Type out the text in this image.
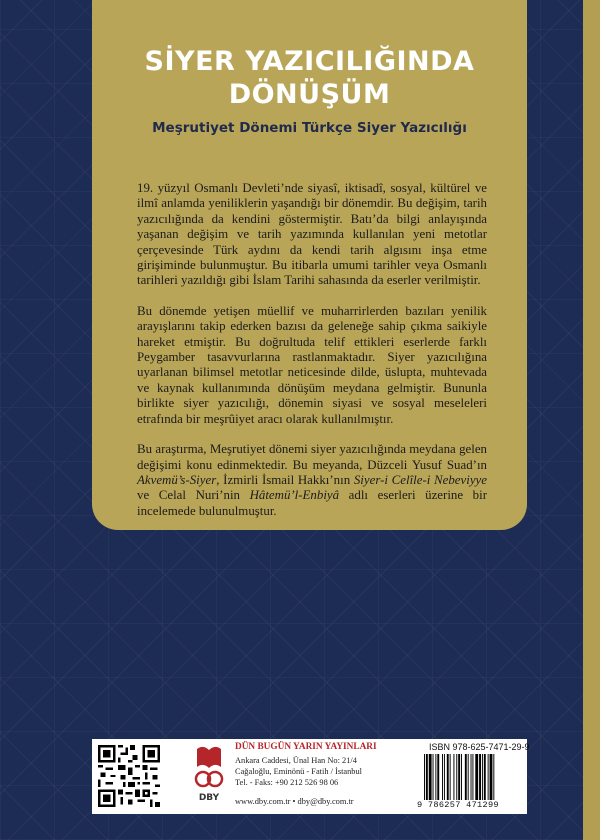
SİYER YAZICILIĞINDA
DÖNÜŞÜM
Meşrutiyet Dönemi Türkçe Siyer Yazıcılığı

19. yüzyıl Osmanlı Devleti’nde siyasî, iktisadî, sosyal, kültürel ve ilmî anlamda yeniliklerin yaşandığı bir dönemdir. Bu değişim, tarih yazıcılığında da kendini göstermiştir. Batı’da bilgi anlayışında yaşanan değişim ve tarih yazımında kullanılan yeni metotlar çerçevesinde Türk aydını da kendi tarih algısını inşa etme girişiminde bulunmuştur. Bu itibarla umumi tarihler veya Osmanlı tarihleri yazıldığı gibi İslam Tarihi sahasında da eserler verilmiştir.

Bu dönemde yetişen müellif ve muharrirlerden bazıları yenilik arayışlarını takip ederken bazısı da geleneğe sahip çıkma saikiyle hareket etmiştir. Bu doğrultuda telif ettikleri eserlerde farklı Peygamber tasavvurlarına rastlanmaktadır. Siyer yazıcılığına uyarlanan bilimsel metotlar neticesinde dilde, üslupta, muhtevada ve kaynak kullanımında dönüşüm meydana gelmiştir. Bununla birlikte siyer yazıcılığı, dönemin siyasi ve sosyal meseleleri etrafında bir meşrûiyet aracı olarak kullanılmıştır.

Bu araştırma, Meşrutiyet dönemi siyer yazıcılığında meydana gelen değişimi konu edinmektedir. Bu meyanda, Düzceli Yusuf Suad’ın Akvemü’s-Siyer, İzmirli İsmail Hakkı’nın Siyer-i Celîle-i Nebeviyye ve Celal Nuri’nin Hâtemü’l-Enbiyâ adlı eserleri üzerine bir incelemede bulunulmuştur.

DBY
DÜN BUGÜN YARIN YAYINLARI
Ankara Caddesi, Ünal Han No: 21/4
Cağaloğlu, Eminönü - Fatih / İstanbul
Tel. - Faks: +90 212 526 98 06
www.dby.com.tr • dby@dby.com.tr
ISBN 978-625-7471-29-9
9 786257 471299
